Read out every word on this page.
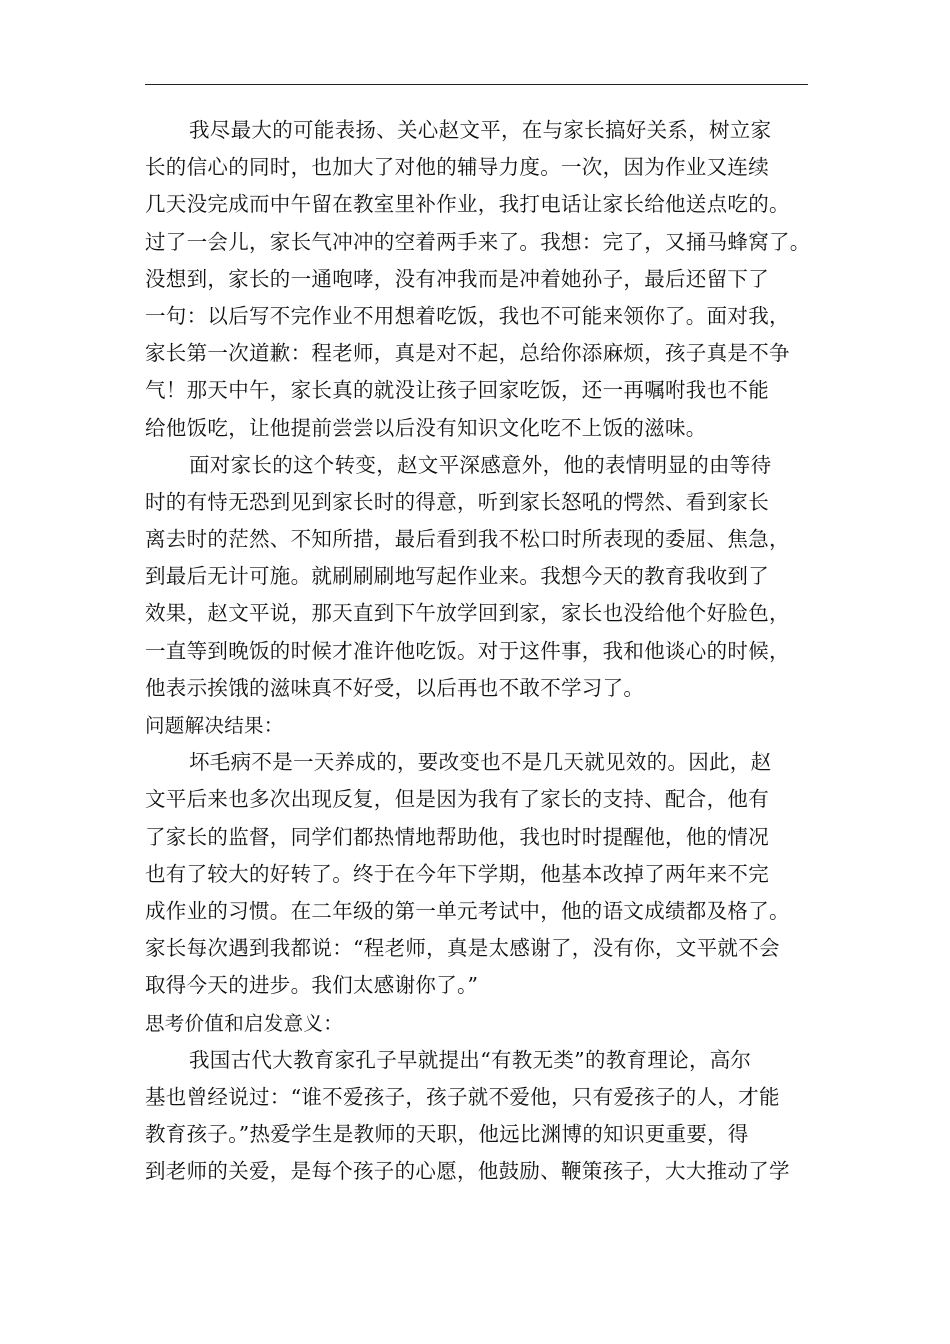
我尽最大的可能表扬、关心赵文平，在与家长搞好关系，树立家
长的信心的同时，也加大了对他的辅导力度。一次，因为作业又连续
几天没完成而中午留在教室里补作业，我打电话让家长给他送点吃的。
过了一会儿，家长气冲冲的空着两手来了。我想：完了，又捅马蜂窝了。
没想到，家长的一通咆哮，没有冲我而是冲着她孙子，最后还留下了
一句：以后写不完作业不用想着吃饭，我也不可能来领你了。面对我，
家长第一次道歉：程老师，真是对不起，总给你添麻烦，孩子真是不争
气！那天中午，家长真的就没让孩子回家吃饭，还一再嘱咐我也不能
给他饭吃，让他提前尝尝以后没有知识文化吃不上饭的滋味。
面对家长的这个转变，赵文平深感意外，他的表情明显的由等待
时的有恃无恐到见到家长时的得意，听到家长怒吼的愕然、看到家长
离去时的茫然、不知所措，最后看到我不松口时所表现的委屈、焦急，
到最后无计可施。就刷刷刷地写起作业来。我想今天的教育我收到了
效果，赵文平说，那天直到下午放学回到家，家长也没给他个好脸色，
一直等到晚饭的时候才准许他吃饭。对于这件事，我和他谈心的时候，
他表示挨饿的滋味真不好受，以后再也不敢不学习了。
问题解决结果：
坏毛病不是一天养成的，要改变也不是几天就见效的。因此，赵
文平后来也多次出现反复，但是因为我有了家长的支持、配合，他有
了家长的监督，同学们都热情地帮助他，我也时时提醒他，他的情况
也有了较大的好转了。终于在今年下学期，他基本改掉了两年来不完
成作业的习惯。在二年级的第一单元考试中，他的语文成绩都及格了。
家长每次遇到我都说：“程老师，真是太感谢了，没有你，文平就不会
取得今天的进步。我们太感谢你了。”
思考价值和启发意义：
我国古代大教育家孔子早就提出“有教无类”的教育理论，高尔
基也曾经说过：“谁不爱孩子，孩子就不爱他，只有爱孩子的人，才能
教育孩子。”热爱学生是教师的天职，他远比渊博的知识更重要，得
到老师的关爱，是每个孩子的心愿，他鼓励、鞭策孩子，大大推动了学
